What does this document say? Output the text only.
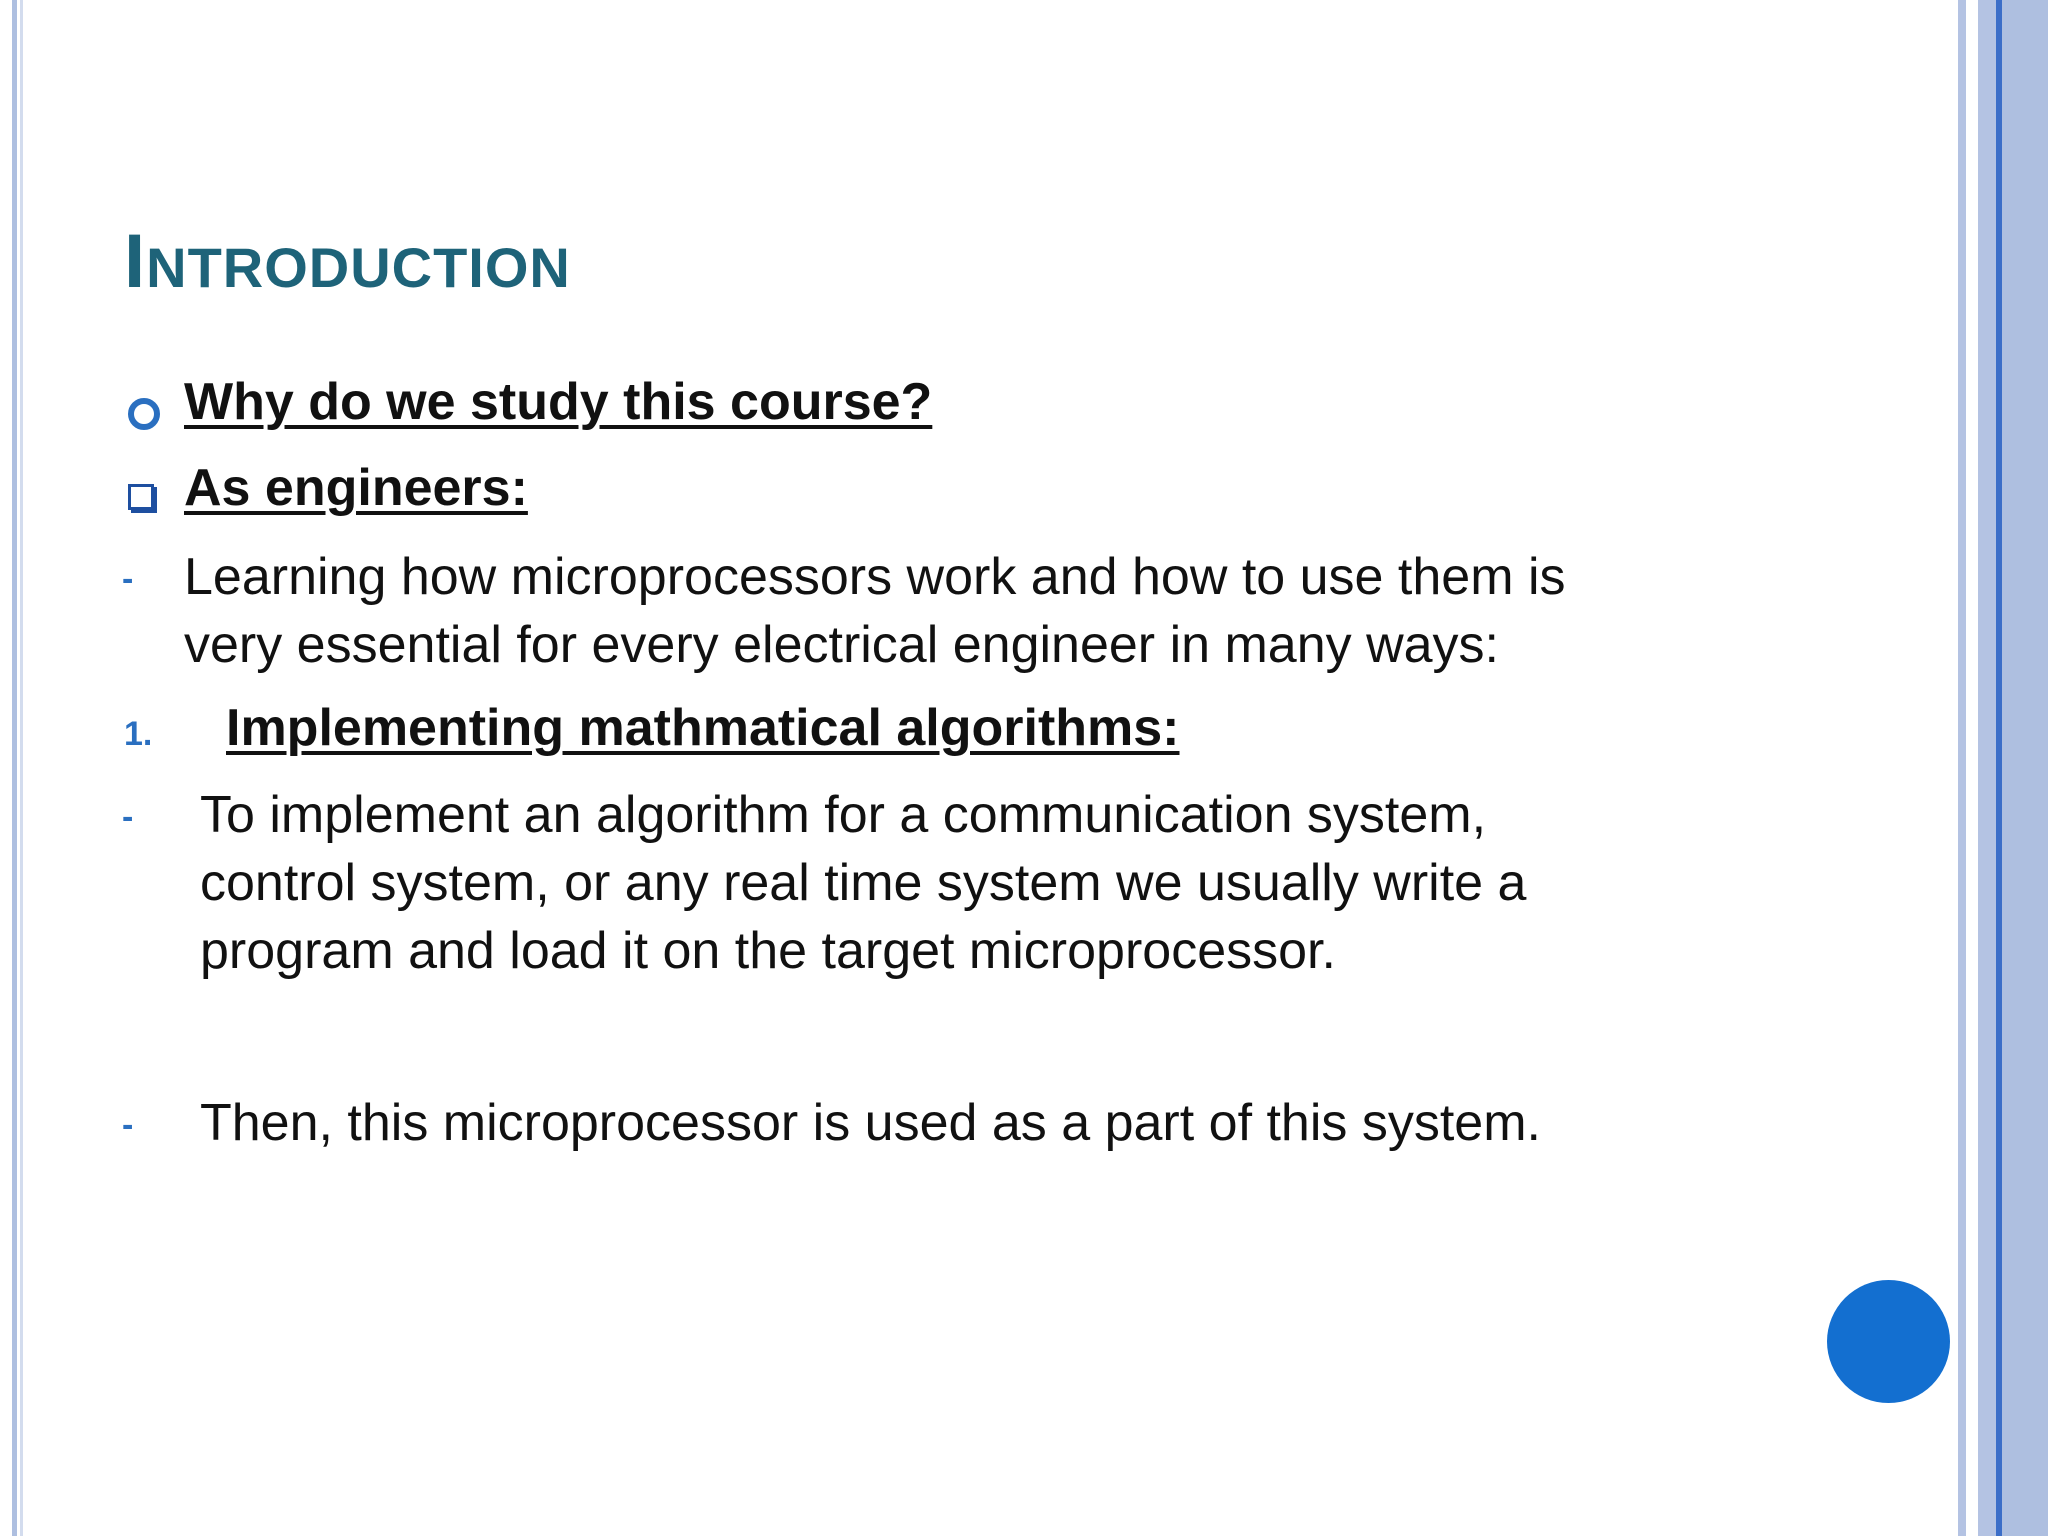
INTRODUCTION
Why do we study this course?
As engineers:
- Learning how microprocessors work and how to use them is
very essential for every electrical engineer in many ways:
1. Implementing mathmatical algorithms:
- To implement an algorithm for a communication system,
control system, or any real time system we usually write a
program and load it on the target microprocessor.
- Then, this microprocessor is used as a part of this system.
